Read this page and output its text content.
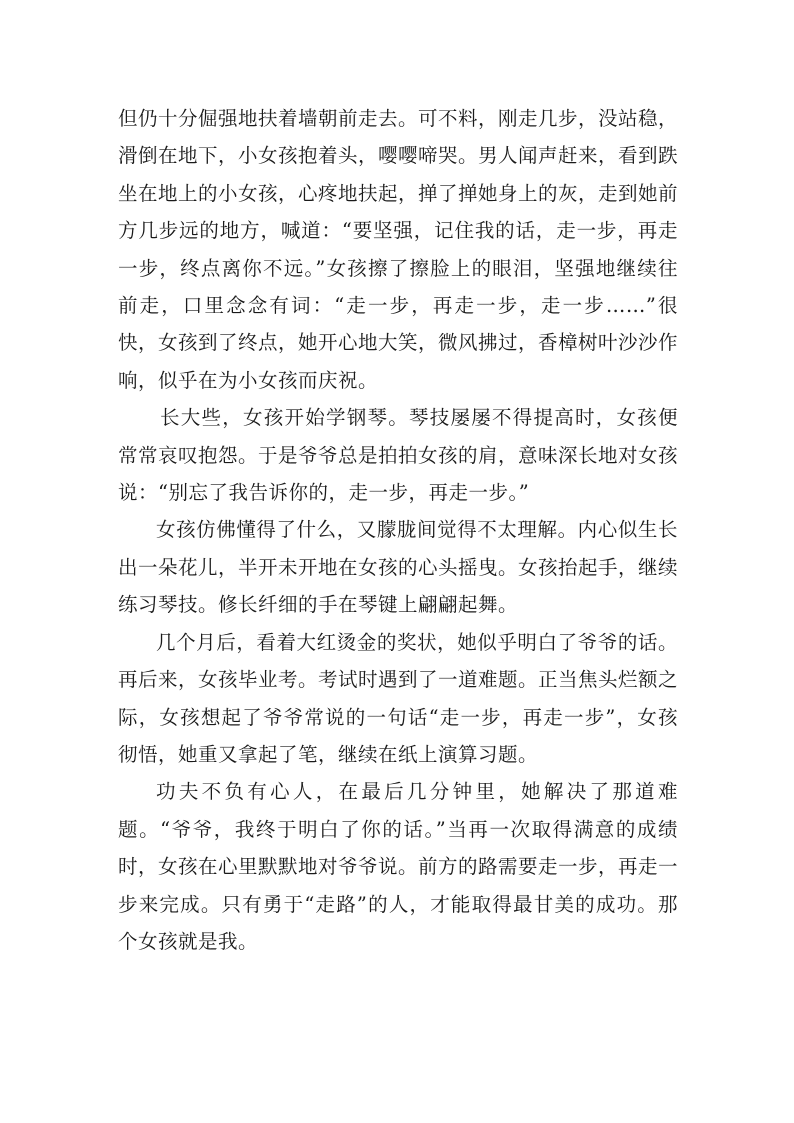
但仍十分倔强地扶着墙朝前走去。可不料，刚走几步，没站稳，滑倒在地下，小女孩抱着头，嘤嘤啼哭。男人闻声赶来，看到跌坐在地上的小女孩，心疼地扶起，掸了掸她身上的灰，走到她前方几步远的地方，喊道：“要坚强，记住我的话，走一步，再走一步，终点离你不远。”女孩擦了擦脸上的眼泪，坚强地继续往前走，口里念念有词：“走一步，再走一步，走一步……”很快，女孩到了终点，她开心地大笑，微风拂过，香樟树叶沙沙作响，似乎在为小女孩而庆祝。

长大些，女孩开始学钢琴。琴技屡屡不得提高时，女孩便常常哀叹抱怨。于是爷爷总是拍拍女孩的肩，意味深长地对女孩说：“别忘了我告诉你的，走一步，再走一步。”

女孩仿佛懂得了什么，又朦胧间觉得不太理解。内心似生长出一朵花儿，半开未开地在女孩的心头摇曳。女孩抬起手，继续练习琴技。修长纤细的手在琴键上翩翩起舞。

几个月后，看着大红烫金的奖状，她似乎明白了爷爷的话。再后来，女孩毕业考。考试时遇到了一道难题。正当焦头烂额之际，女孩想起了爷爷常说的一句话“走一步，再走一步”，女孩彻悟，她重又拿起了笔，继续在纸上演算习题。

功夫不负有心人，在最后几分钟里，她解决了那道难题。“爷爷，我终于明白了你的话。”当再一次取得满意的成绩时，女孩在心里默默地对爷爷说。前方的路需要走一步，再走一步来完成。只有勇于“走路”的人，才能取得最甘美的成功。那个女孩就是我。
